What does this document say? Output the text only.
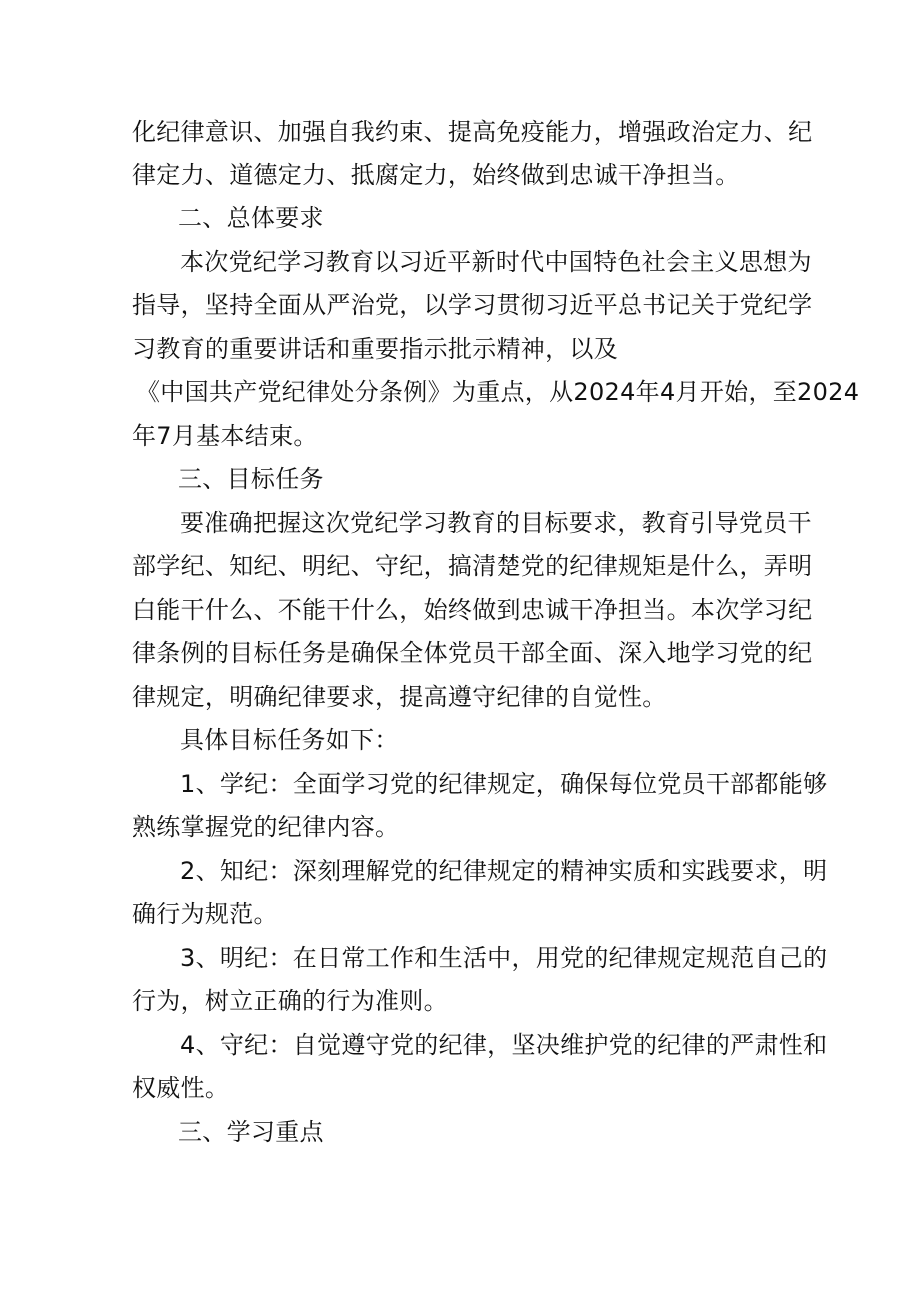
化纪律意识、加强自我约束、提高免疫能力，增强政治定力、纪

律定力、道德定力、抵腐定力，始终做到忠诚干净担当。

二、总体要求

本次党纪学习教育以习近平新时代中国特色社会主义思想为

指导，坚持全面从严治党，以学习贯彻习近平总书记关于党纪学

习教育的重要讲话和重要指示批示精神，以及

《中国共产党纪律处分条例》为重点，从2024年4月开始，至2024

年7月基本结束。

三、目标任务

要准确把握这次党纪学习教育的目标要求，教育引导党员干

部学纪、知纪、明纪、守纪，搞清楚党的纪律规矩是什么，弄明

白能干什么、不能干什么，始终做到忠诚干净担当。本次学习纪

律条例的目标任务是确保全体党员干部全面、深入地学习党的纪

律规定，明确纪律要求，提高遵守纪律的自觉性。

具体目标任务如下：

1、学纪：全面学习党的纪律规定，确保每位党员干部都能够

熟练掌握党的纪律内容。

2、知纪：深刻理解党的纪律规定的精神实质和实践要求，明

确行为规范。

3、明纪：在日常工作和生活中，用党的纪律规定规范自己的

行为，树立正确的行为准则。

4、守纪：自觉遵守党的纪律，坚决维护党的纪律的严肃性和

权威性。

三、学习重点
